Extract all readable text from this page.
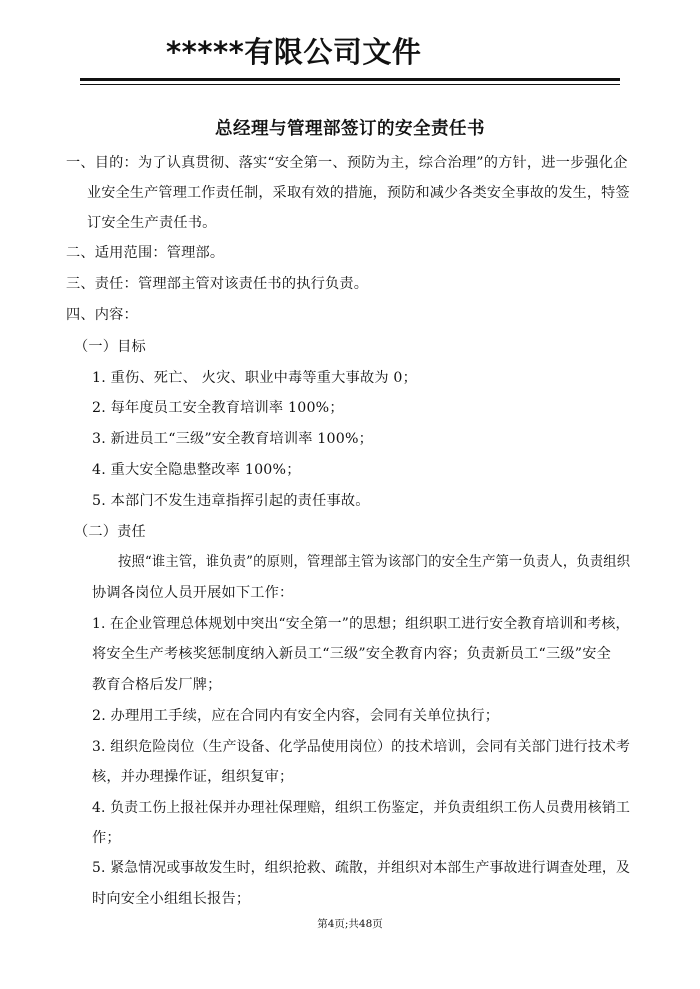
*****有限公司文件
总经理与管理部签订的安全责任书
一、目的：为了认真贯彻、落实“安全第一、预防为主，综合治理”的方针，进一步强化企
业安全生产管理工作责任制，采取有效的措施，预防和减少各类安全事故的发生，特签
订安全生产责任书。
二、适用范围：管理部。
三、责任：管理部主管对该责任书的执行负责。
四、内容：
（一）目标
1. 重伤、死亡、 火灾、职业中毒等重大事故为 0；
2. 每年度员工安全教育培训率 100%；
3. 新进员工“三级”安全教育培训率 100%；
4. 重大安全隐患整改率 100%；
5. 本部门不发生违章指挥引起的责任事故。
（二）责任
按照“谁主管，谁负责”的原则，管理部主管为该部门的安全生产第一负责人，负责组织
协调各岗位人员开展如下工作：
1. 在企业管理总体规划中突出“安全第一”的思想；组织职工进行安全教育培训和考核，
将安全生产考核奖惩制度纳入新员工“三级”安全教育内容；负责新员工“三级”安全
教育合格后发厂牌；
2. 办理用工手续，应在合同内有安全内容，会同有关单位执行；
3. 组织危险岗位（生产设备、化学品使用岗位）的技术培训，会同有关部门进行技术考
核，并办理操作证，组织复审；
4. 负责工伤上报社保并办理社保理赔，组织工伤鉴定，并负责组织工伤人员费用核销工
作；
5. 紧急情况或事故发生时，组织抢救、疏散，并组织对本部生产事故进行调查处理，及
时向安全小组组长报告；
第4页;共48页
